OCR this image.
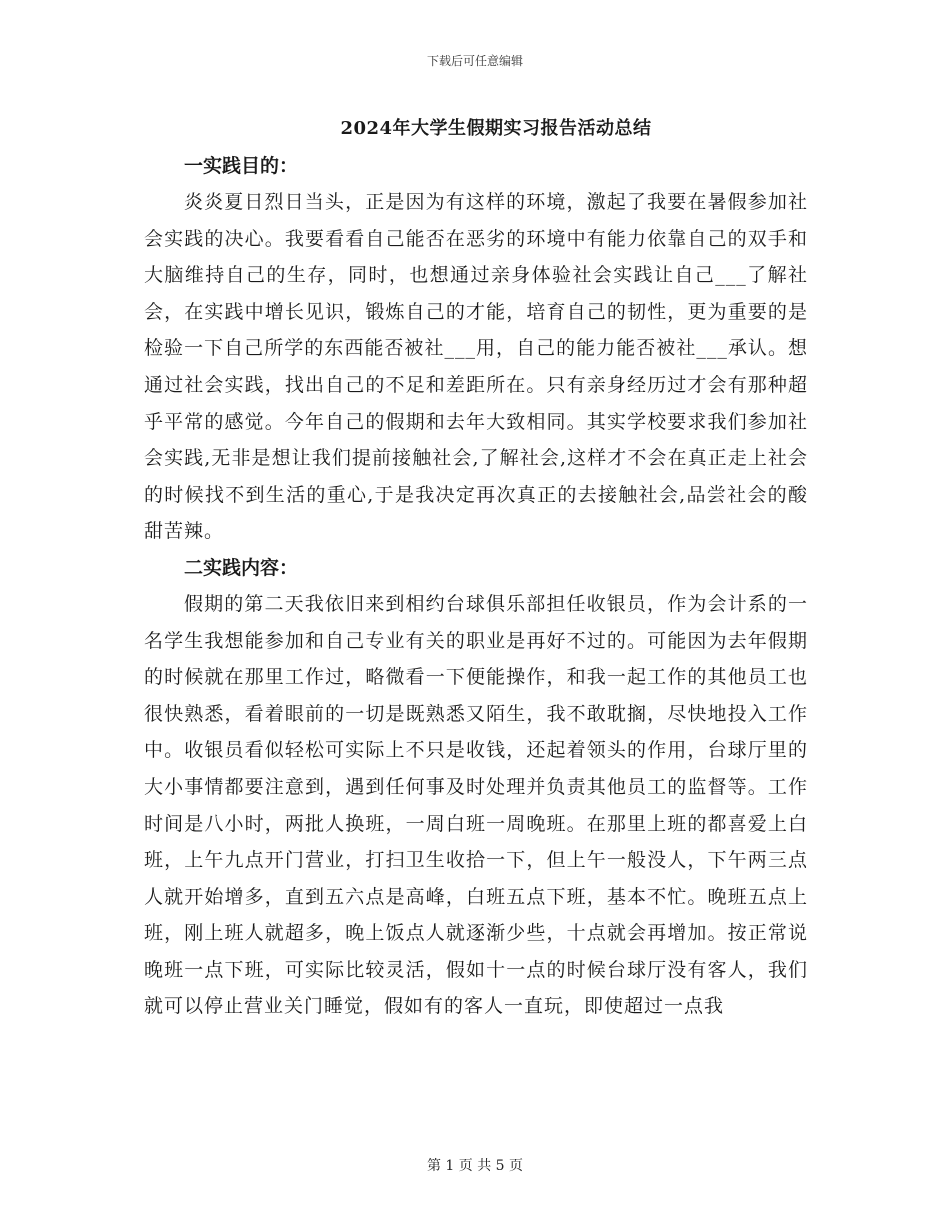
下载后可任意编辑
2024年大学生假期实习报告活动总结

一实践目的：

炎炎夏日烈日当头，正是因为有这样的环境，激起了我要在暑假参加社会实践的决心。我要看看自己能否在恶劣的环境中有能力依靠自己的双手和大脑维持自己的生存，同时，也想通过亲身体验社会实践让自己___了解社会，在实践中增长见识，锻炼自己的才能，培育自己的韧性，更为重要的是检验一下自己所学的东西能否被社___用，自己的能力能否被社___承认。想通过社会实践，找出自己的不足和差距所在。只有亲身经历过才会有那种超乎平常的感觉。今年自己的假期和去年大致相同。其实学校要求我们参加社会实践,无非是想让我们提前接触社会,了解社会,这样才不会在真正走上社会的时候找不到生活的重心,于是我决定再次真正的去接触社会,品尝社会的酸甜苦辣。

二实践内容：

假期的第二天我依旧来到相约台球俱乐部担任收银员，作为会计系的一名学生我想能参加和自己专业有关的职业是再好不过的。可能因为去年假期的时候就在那里工作过，略微看一下便能操作，和我一起工作的其他员工也很快熟悉，看着眼前的一切是既熟悉又陌生，我不敢耽搁，尽快地投入工作中。收银员看似轻松可实际上不只是收钱，还起着领头的作用，台球厅里的大小事情都要注意到，遇到任何事及时处理并负责其他员工的监督等。工作时间是八小时，两批人换班，一周白班一周晚班。在那里上班的都喜爱上白班，上午九点开门营业，打扫卫生收拾一下，但上午一般没人，下午两三点人就开始增多，直到五六点是高峰，白班五点下班，基本不忙。晚班五点上班，刚上班人就超多，晚上饭点人就逐渐少些，十点就会再增加。按正常说晚班一点下班，可实际比较灵活，假如十一点的时候台球厅没有客人，我们就可以停止营业关门睡觉，假如有的客人一直玩，即使超过一点我

第 1 页 共 5 页
